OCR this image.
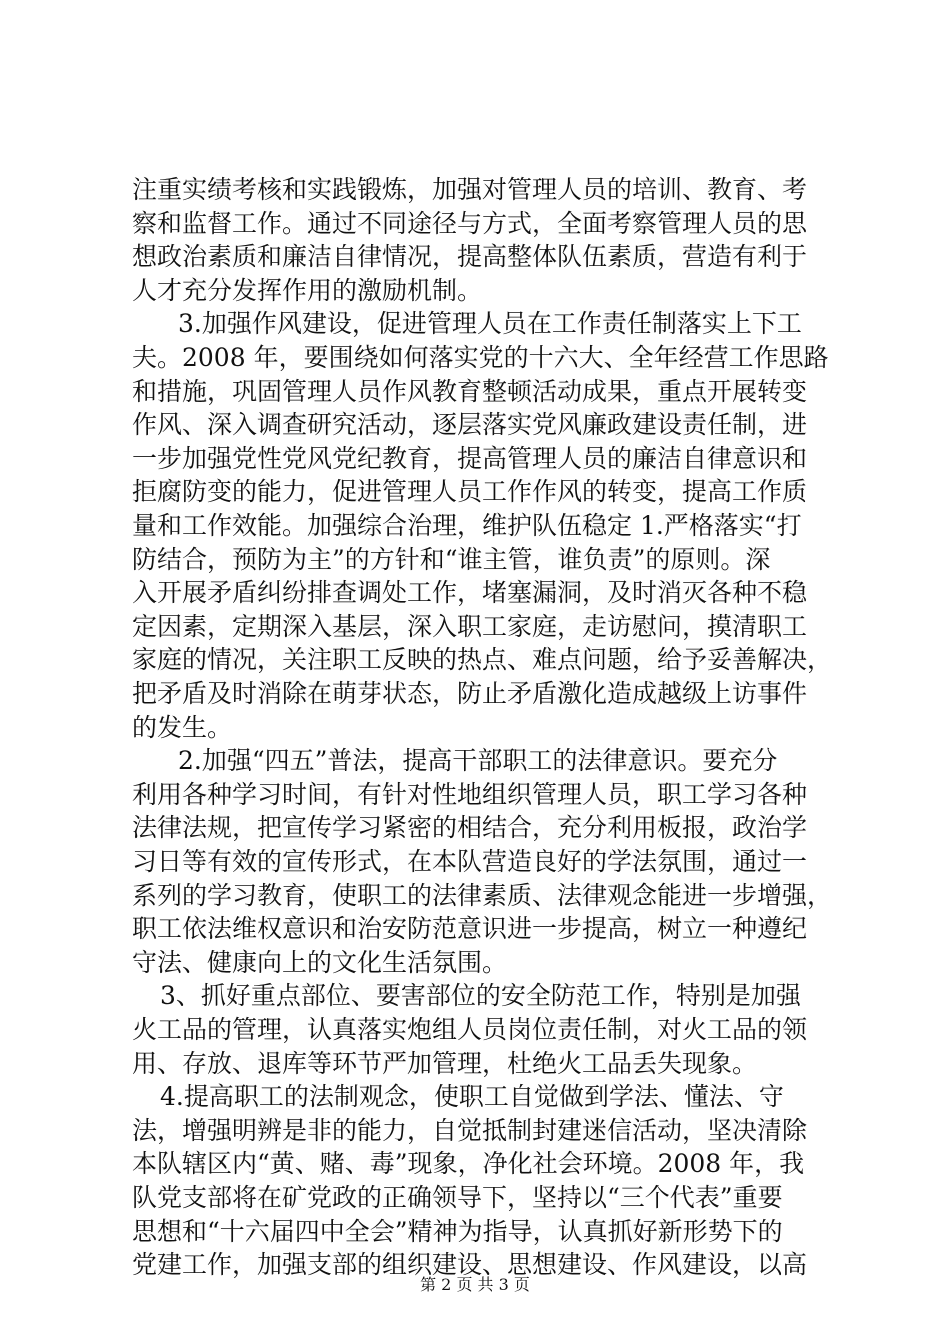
注重实绩考核和实践锻炼，加强对管理人员的培训、教育、考
察和监督工作。通过不同途径与方式，全面考察管理人员的思
想政治素质和廉洁自律情况，提高整体队伍素质，营造有利于
人才充分发挥作用的激励机制。
3.加强作风建设，促进管理人员在工作责任制落实上下工
夫。2008 年，要围绕如何落实党的十六大、全年经营工作思路
和措施，巩固管理人员作风教育整顿活动成果，重点开展转变
作风、深入调查研究活动，逐层落实党风廉政建设责任制，进
一步加强党性党风党纪教育，提高管理人员的廉洁自律意识和
拒腐防变的能力，促进管理人员工作作风的转变，提高工作质
量和工作效能。加强综合治理，维护队伍稳定 1.严格落实“打
防结合，预防为主”的方针和“谁主管，谁负责”的原则。深
入开展矛盾纠纷排查调处工作，堵塞漏洞，及时消灭各种不稳
定因素，定期深入基层，深入职工家庭，走访慰问，摸清职工
家庭的情况，关注职工反映的热点、难点问题，给予妥善解决，
把矛盾及时消除在萌芽状态，防止矛盾激化造成越级上访事件
的发生。
2.加强“四五”普法，提高干部职工的法律意识。要充分
利用各种学习时间，有针对性地组织管理人员，职工学习各种
法律法规，把宣传学习紧密的相结合，充分利用板报，政治学
习日等有效的宣传形式，在本队营造良好的学法氛围，通过一
系列的学习教育，使职工的法律素质、法律观念能进一步增强，
职工依法维权意识和治安防范意识进一步提高，树立一种遵纪
守法、健康向上的文化生活氛围。
3、抓好重点部位、要害部位的安全防范工作，特别是加强
火工品的管理，认真落实炮组人员岗位责任制，对火工品的领
用、存放、退库等环节严加管理，杜绝火工品丢失现象。
4.提高职工的法制观念，使职工自觉做到学法、懂法、守
法，增强明辨是非的能力，自觉抵制封建迷信活动，坚决清除
本队辖区内“黄、赌、毒”现象，净化社会环境。2008 年，我
队党支部将在矿党政的正确领导下，坚持以“三个代表”重要
思想和“十六届四中全会”精神为指导，认真抓好新形势下的
党建工作，加强支部的组织建设、思想建设、作风建设，以高
第 2 页 共 3 页
